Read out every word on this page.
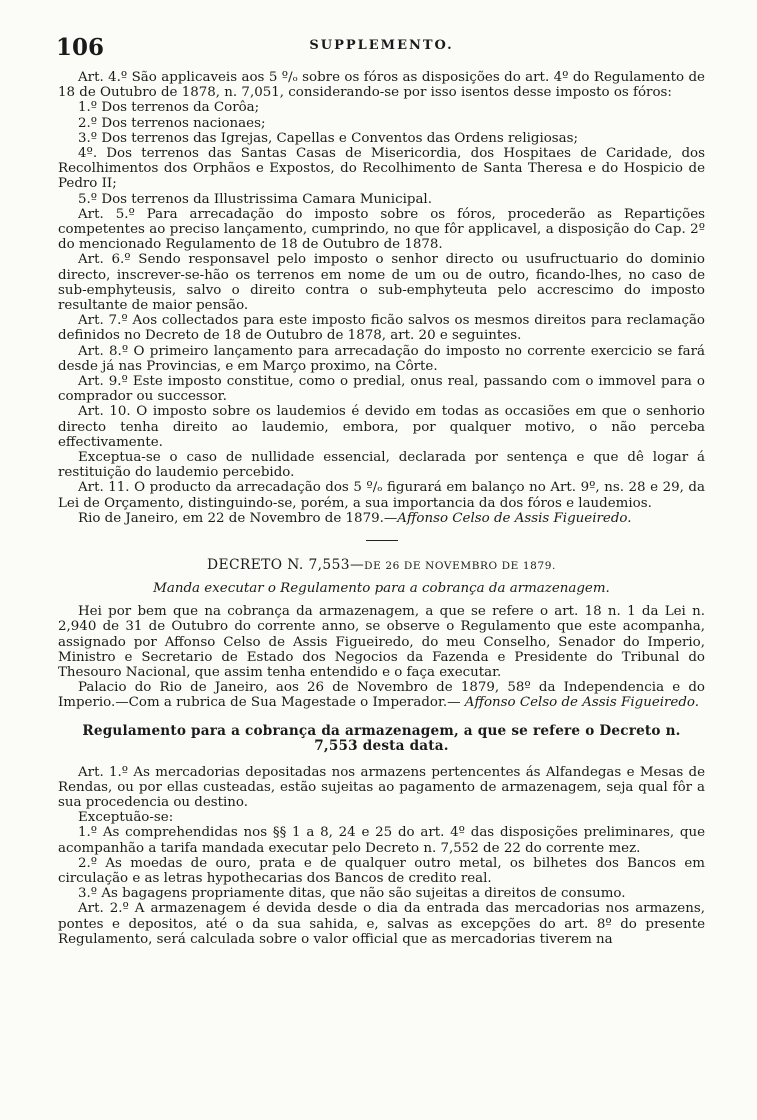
106	SUPPLEMENTO.

Art. 4.º São applicaveis aos 5 º/ₒ sobre os fóros as disposições do art. 4º do Regulamento de 18 de Outubro de 1878, n. 7,051, considerando-se por isso isentos desse imposto os fóros:

1.º Dos terrenos da Corôa;

2.º Dos terrenos nacionaes;

3.º Dos terrenos das Igrejas, Capellas e Conventos das Ordens religiosas;

4º. Dos terrenos das Santas Casas de Misericordia, dos Hospitaes de Caridade, dos Recolhimentos dos Orphãos e Expostos, do Recolhimento de Santa Theresa e do Hospicio de Pedro II;

5.º Dos terrenos da Illustrissima Camara Municipal.

Art. 5.º Para arrecadação do imposto sobre os fóros, procederão as Repartições competentes ao preciso lançamento, cumprindo, no que fôr applicavel, a disposição do Cap. 2º do mencionado Regulamento de 18 de Outubro de 1878.

Art. 6.º Sendo responsavel pelo imposto o senhor directo ou usufructuario do dominio directo, inscrever-se-hão os terrenos em nome de um ou de outro, ficando-lhes, no caso de sub-emphyteusis, salvo o direito contra o sub-emphyteuta pelo accrescimo do imposto resultante de maior pensão.

Art. 7.º Aos collectados para este imposto ficão salvos os mesmos direitos para reclamação definidos no Decreto de 18 de Outubro de 1878, art. 20 e seguintes.

Art. 8.º O primeiro lançamento para arrecadação do imposto no corrente exercicio se fará desde já nas Provincias, e em Março proximo, na Côrte.

Art. 9.º Este imposto constitue, como o predial, onus real, passando com o immovel para o comprador ou successor.

Art. 10. O imposto sobre os laudemios é devido em todas as occasiões em que o senhorio directo tenha direito ao laudemio, embora, por qualquer motivo, o não perceba effectivamente.

Exceptua-se o caso de nullidade essencial, declarada por sentença e que dê logar á restituição do laudemio percebido.

Art. 11. O producto da arrecadação dos 5 º/ₒ figurará em balanço no Art. 9º, ns. 28 e 29, da Lei de Orçamento, distinguindo-se, porém, a sua importancia da dos fóros e laudemios.

Rio de Janeiro, em 22 de Novembro de 1879.—Affonso Celso de Assis Figueiredo.

DECRETO N. 7,553—DE 26 DE NOVEMBRO DE 1879.
Manda executar o Regulamento para a cobrança da armazenagem.

Hei por bem que na cobrança da armazenagem, a que se refere o art. 18 n. 1 da Lei n. 2,940 de 31 de Outubro do corrente anno, se observe o Regulamento que este acompanha, assignado por Affonso Celso de Assis Figueiredo, do meu Conselho, Senador do Imperio, Ministro e Secretario de Estado dos Negocios da Fazenda e Presidente do Tribunal do Thesouro Nacional, que assim tenha entendido e o faça executar.

Palacio do Rio de Janeiro, aos 26 de Novembro de 1879, 58º da Independencia e do Imperio.—Com a rubrica de Sua Magestade o Imperador.— Affonso Celso de Assis Figueiredo.

Regulamento para a cobrança da armazenagem, a que se refere o Decreto n. 7,553 desta data.

Art. 1.º As mercadorias depositadas nos armazens pertencentes ás Alfandegas e Mesas de Rendas, ou por ellas custeadas, estão sujeitas ao pagamento de armazenagem, seja qual fôr a sua procedencia ou destino.

Exceptuão-se:

1.º As comprehendidas nos §§ 1 a 8, 24 e 25 do art. 4º das disposições preliminares, que acompanhão a tarifa mandada executar pelo Decreto n. 7,552 de 22 do corrente mez.

2.º As moedas de ouro, prata e de qualquer outro metal, os bilhetes dos Bancos em circulação e as letras hypothecarias dos Bancos de credito real.

3.º As bagagens propriamente ditas, que não são sujeitas a direitos de consumo.

Art. 2.º A armazenagem é devida desde o dia da entrada das mercadorias nos armazens, pontes e depositos, até o da sua sahida, e, salvas as excepções do art. 8º do presente Regulamento, será calculada sobre o valor official que as mercadorias tiverem na
